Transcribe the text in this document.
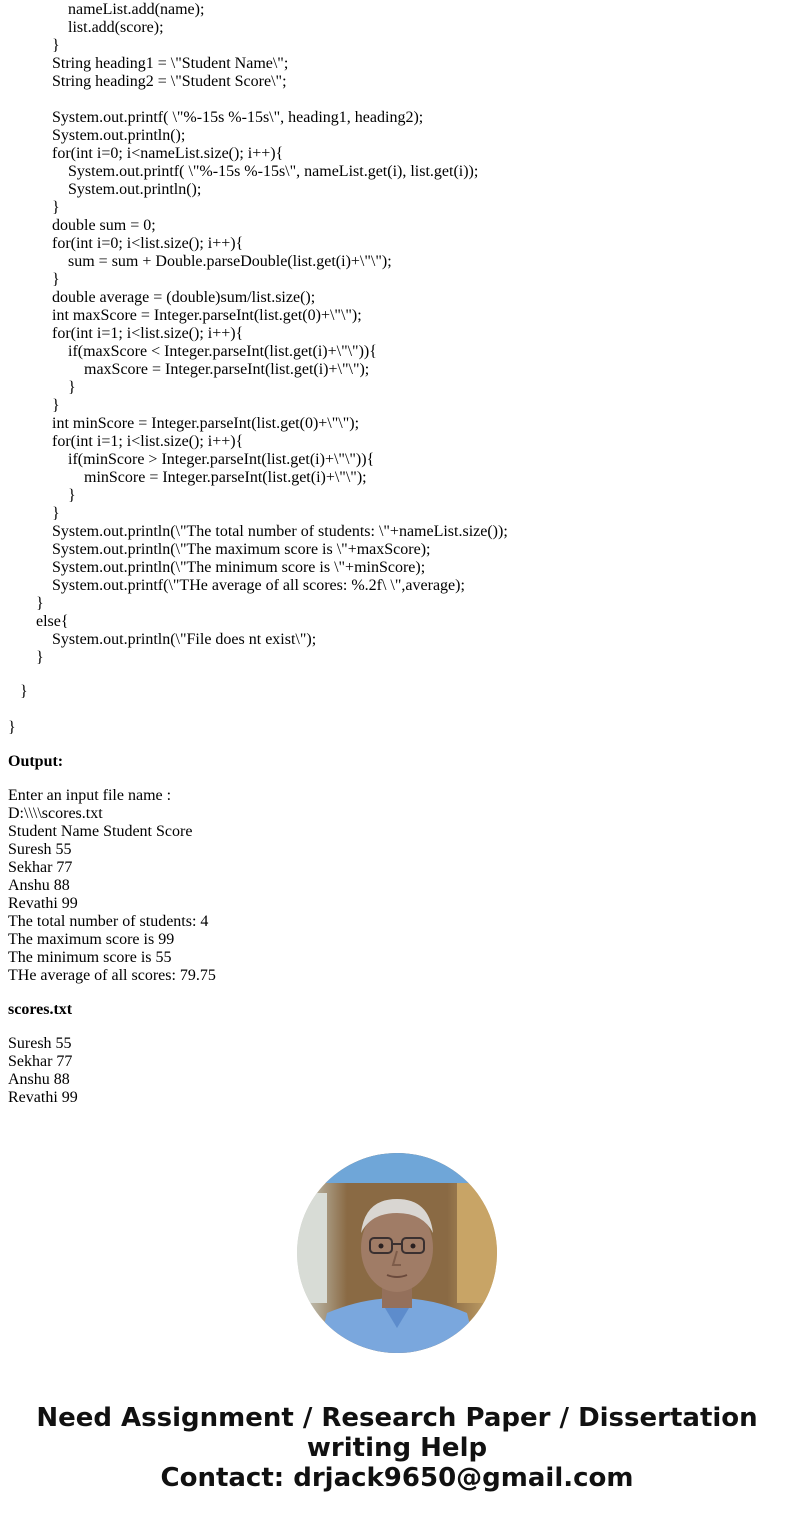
nameList.add(name);
list.add(score);
}
String heading1 = \"Student Name\";
String heading2 = \"Student Score\";
System.out.printf( \"%-15s %-15s\", heading1, heading2);
System.out.println();
for(int i=0; i<nameList.size(); i++){
System.out.printf( \"%-15s %-15s\", nameList.get(i), list.get(i));
System.out.println();
}
double sum = 0;
for(int i=0; i<list.size(); i++){
sum = sum + Double.parseDouble(list.get(i)+\"\");
}
double average = (double)sum/list.size();
int maxScore = Integer.parseInt(list.get(0)+\"\");
for(int i=1; i<list.size(); i++){
if(maxScore < Integer.parseInt(list.get(i)+\"\")){
maxScore = Integer.parseInt(list.get(i)+\"\");
}
}
int minScore = Integer.parseInt(list.get(0)+\"\");
for(int i=1; i<list.size(); i++){
if(minScore > Integer.parseInt(list.get(i)+\"\")){
minScore = Integer.parseInt(list.get(i)+\"\");
}
}
System.out.println(\"The total number of students: \"+nameList.size());
System.out.println(\"The maximum score is \"+maxScore);
System.out.println(\"The minimum score is \"+minScore);
System.out.printf(\"THe average of all scores: %.2f\ \",average);
}
else{
System.out.println(\"File does nt exist\");
}
}
}
Output:
Enter an input file name :
D:\\\\scores.txt
Student Name Student Score
Suresh 55
Sekhar 77
Anshu 88
Revathi 99
The total number of students: 4
The maximum score is 99
The minimum score is 55
THe average of all scores: 79.75
scores.txt
Suresh 55
Sekhar 77
Anshu 88
Revathi 99
Need Assignment / Research Paper / Dissertation
writing Help
Contact: drjack9650@gmail.com
